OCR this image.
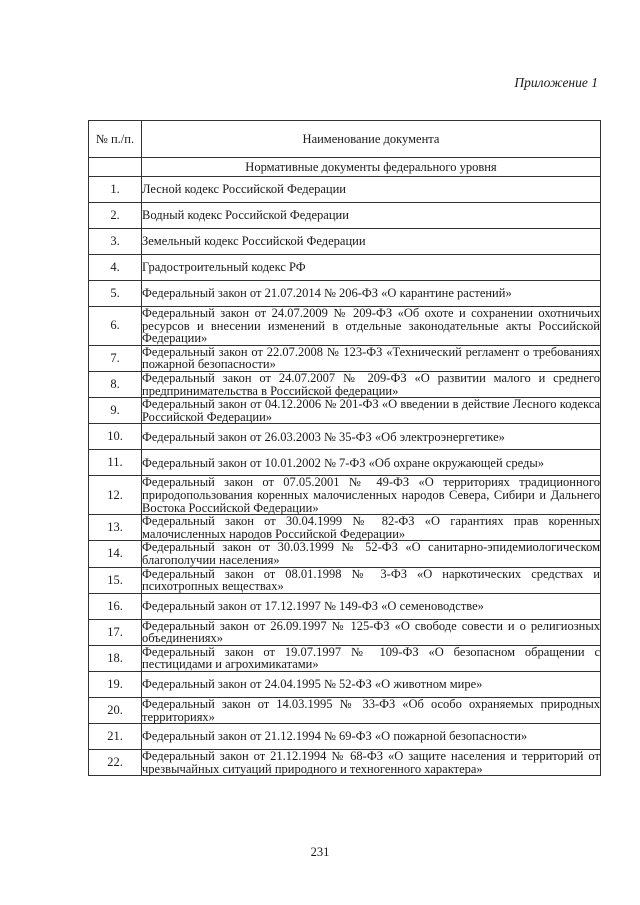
Приложение 1
№ п./п.	Наименование документа
	Нормативные документы федерального уровня
1.	Лесной кодекс Российской Федерации
2.	Водный кодекс Российской Федерации
3.	Земельный кодекс Российской Федерации
4.	Градостроительный кодекс РФ
5.	Федеральный закон от 21.07.2014 № 206-ФЗ «О карантине растений»
6.	Федеральный закон от 24.07.2009 № 209-ФЗ «Об охоте и сохранении охотничьих ресурсов и внесении изменений в отдельные законодательные акты Российской Федерации»
7.	Федеральный закон от 22.07.2008 № 123-ФЗ «Технический регламент о требованиях пожарной безопасности»
8.	Федеральный закон от 24.07.2007 № 209-ФЗ «О развитии малого и среднего предпринимательства в Российской федерации»
9.	Федеральный закон от 04.12.2006 № 201-ФЗ «О введении в действие Лесного кодекса Российской Федерации»
10.	Федеральный закон от 26.03.2003 № 35-ФЗ «Об электроэнергетике»
11.	Федеральный закон от 10.01.2002 № 7-ФЗ «Об охране окружающей среды»
12.	Федеральный закон от 07.05.2001 № 49-ФЗ «О территориях традиционного природопользования коренных малочисленных народов Севера, Сибири и Дальнего Востока Российской Федерации»
13.	Федеральный закон от 30.04.1999 № 82-ФЗ «О гарантиях прав коренных малочисленных народов Российской Федерации»
14.	Федеральный закон от 30.03.1999 № 52-ФЗ «О санитарно-эпидемиологическом благополучии населения»
15.	Федеральный закон от 08.01.1998 № 3-ФЗ «О наркотических средствах и психотропных веществах»
16.	Федеральный закон от 17.12.1997 № 149-ФЗ «О семеноводстве»
17.	Федеральный закон от 26.09.1997 № 125-ФЗ «О свободе совести и о религиозных объединениях»
18.	Федеральный закон от 19.07.1997 № 109-ФЗ «О безопасном обращении с пестицидами и агрохимикатами»
19.	Федеральный закон от 24.04.1995 № 52-ФЗ «О животном мире»
20.	Федеральный закон от 14.03.1995 № 33-ФЗ «Об особо охраняемых природных территориях»
21.	Федеральный закон от 21.12.1994 № 69-ФЗ «О пожарной безопасности»
22.	Федеральный закон от 21.12.1994 № 68-ФЗ «О защите населения и территорий от чрезвычайных ситуаций природного и техногенного характера»
231
